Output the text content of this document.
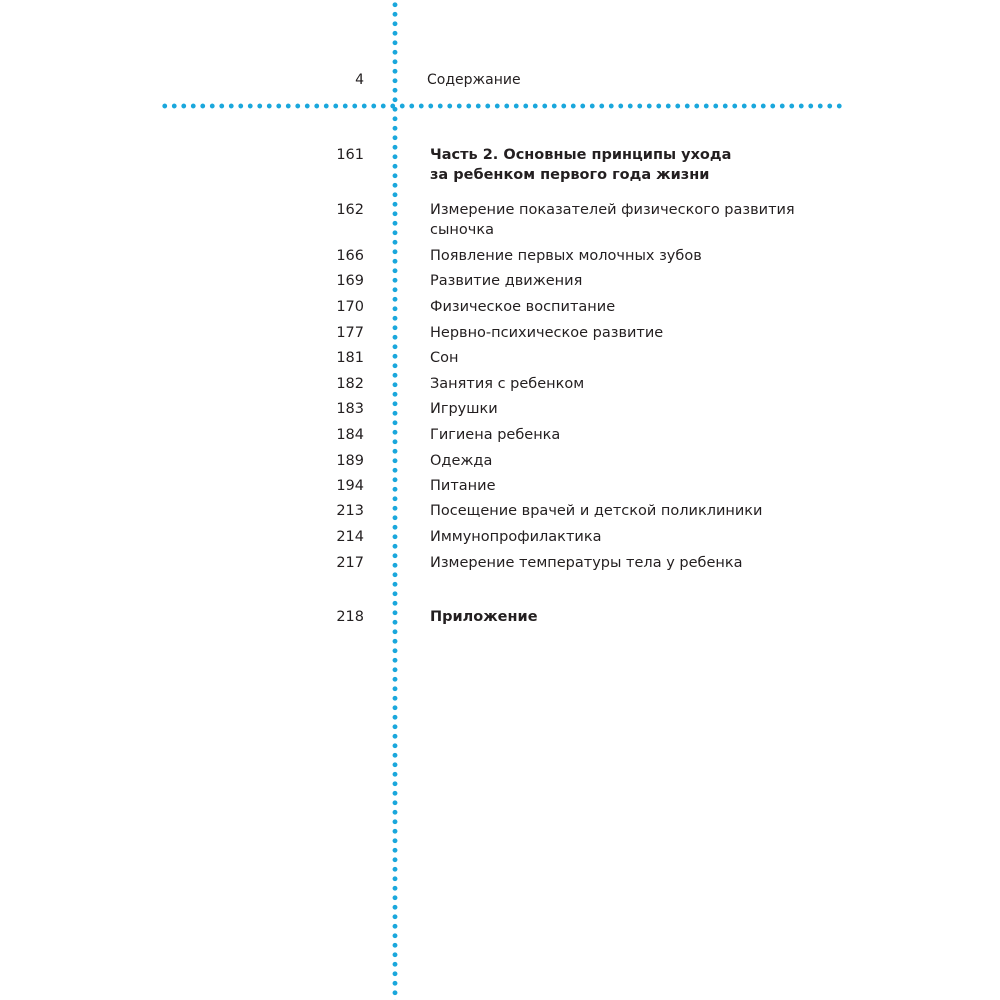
4	Содержание
161	Часть 2. Основные принципы ухода
за ребенком первого года жизни
162	Измерение показателей физического развития
сыночка
166	Появление первых молочных зубов
169	Развитие движения
170	Физическое воспитание
177	Нервно-психическое развитие
181	Сон
182	Занятия с ребенком
183	Игрушки
184	Гигиена ребенка
189	Одежда
194	Питание
213	Посещение врачей и детской поликлиники
214	Иммунопрофилактика
217	Измерение температуры тела у ребенка
218	Приложение
